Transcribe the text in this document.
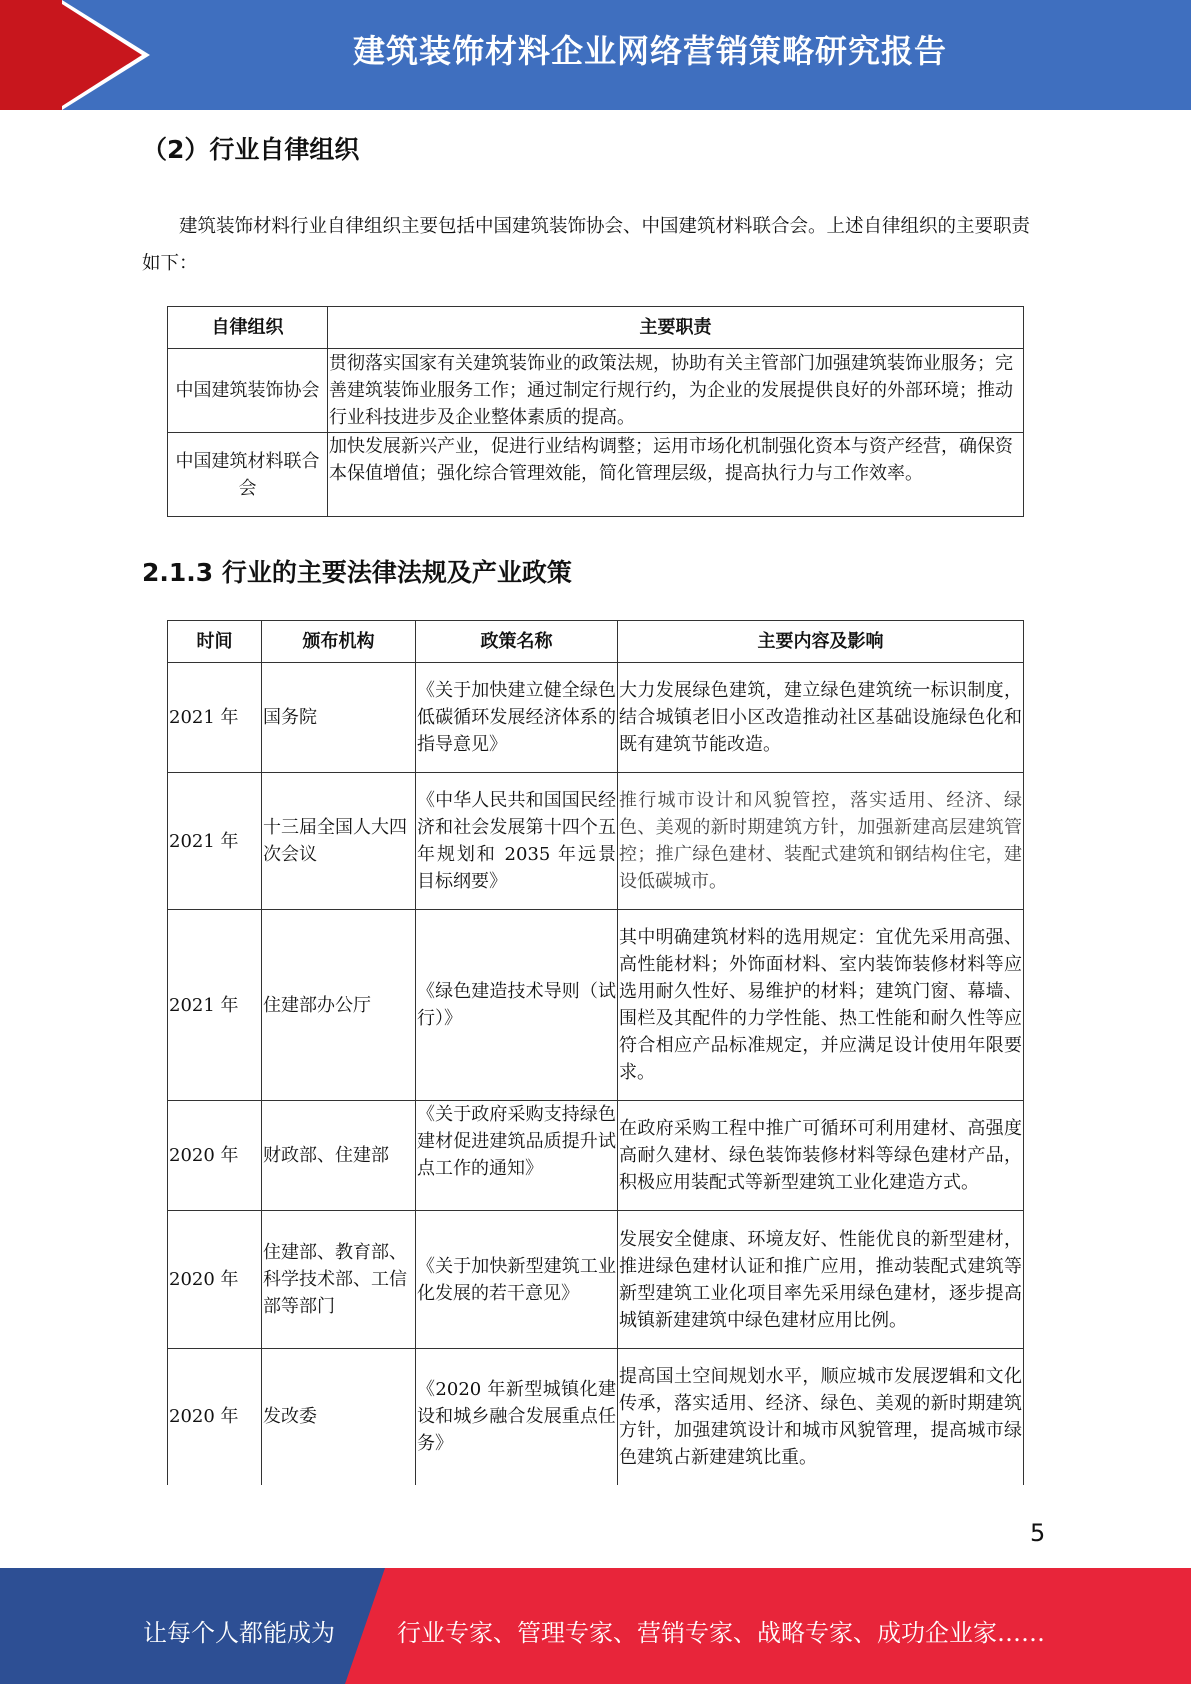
建筑装饰材料企业网络营销策略研究报告
（2）行业自律组织
建筑装饰材料行业自律组织主要包括中国建筑装饰协会、中国建筑材料联合会。上述自律组织的主要职责如下：
自律组织	主要职责
中国建筑装饰协会	贯彻落实国家有关建筑装饰业的政策法规，协助有关主管部门加强建筑装饰业服务；完善建筑装饰业服务工作；通过制定行规行约，为企业的发展提供良好的外部环境；推动行业科技进步及企业整体素质的提高。
中国建筑材料联合会	加快发展新兴产业，促进行业结构调整；运用市场化机制强化资本与资产经营，确保资本保值增值；强化综合管理效能，简化管理层级，提高执行力与工作效率。
2.1.3 行业的主要法律法规及产业政策
时间	颁布机构	政策名称	主要内容及影响
2021 年	国务院	《关于加快建立健全绿色低碳循环发展经济体系的指导意见》	大力发展绿色建筑，建立绿色建筑统一标识制度，结合城镇老旧小区改造推动社区基础设施绿色化和既有建筑节能改造。
2021 年	十三届全国人大四次会议	《中华人民共和国国民经济和社会发展第十四个五年规划和 2035 年远景目标纲要》	推行城市设计和风貌管控，落实适用、经济、绿色、美观的新时期建筑方针，加强新建高层建筑管控；推广绿色建材、装配式建筑和钢结构住宅，建设低碳城市。
2021 年	住建部办公厅	《绿色建造技术导则（试行）》	其中明确建筑材料的选用规定：宜优先采用高强、高性能材料；外饰面材料、室内装饰装修材料等应选用耐久性好、易维护的材料；建筑门窗、幕墙、围栏及其配件的力学性能、热工性能和耐久性等应符合相应产品标准规定，并应满足设计使用年限要求。
2020 年	财政部、住建部	《关于政府采购支持绿色建材促进建筑品质提升试点工作的通知》	在政府采购工程中推广可循环可利用建材、高强度高耐久建材、绿色装饰装修材料等绿色建材产品，积极应用装配式等新型建筑工业化建造方式。
2020 年	住建部、教育部、科学技术部、工信部等部门	《关于加快新型建筑工业化发展的若干意见》	发展安全健康、环境友好、性能优良的新型建材，推进绿色建材认证和推广应用，推动装配式建筑等新型建筑工业化项目率先采用绿色建材，逐步提高城镇新建建筑中绿色建材应用比例。
2020 年	发改委	《2020 年新型城镇化建设和城乡融合发展重点任务》	提高国土空间规划水平，顺应城市发展逻辑和文化传承，落实适用、经济、绿色、美观的新时期建筑方针，加强建筑设计和城市风貌管理，提高城市绿色建筑占新建建筑比重。
5
让每个人都能成为	行业专家、管理专家、营销专家、战略专家、成功企业家……
